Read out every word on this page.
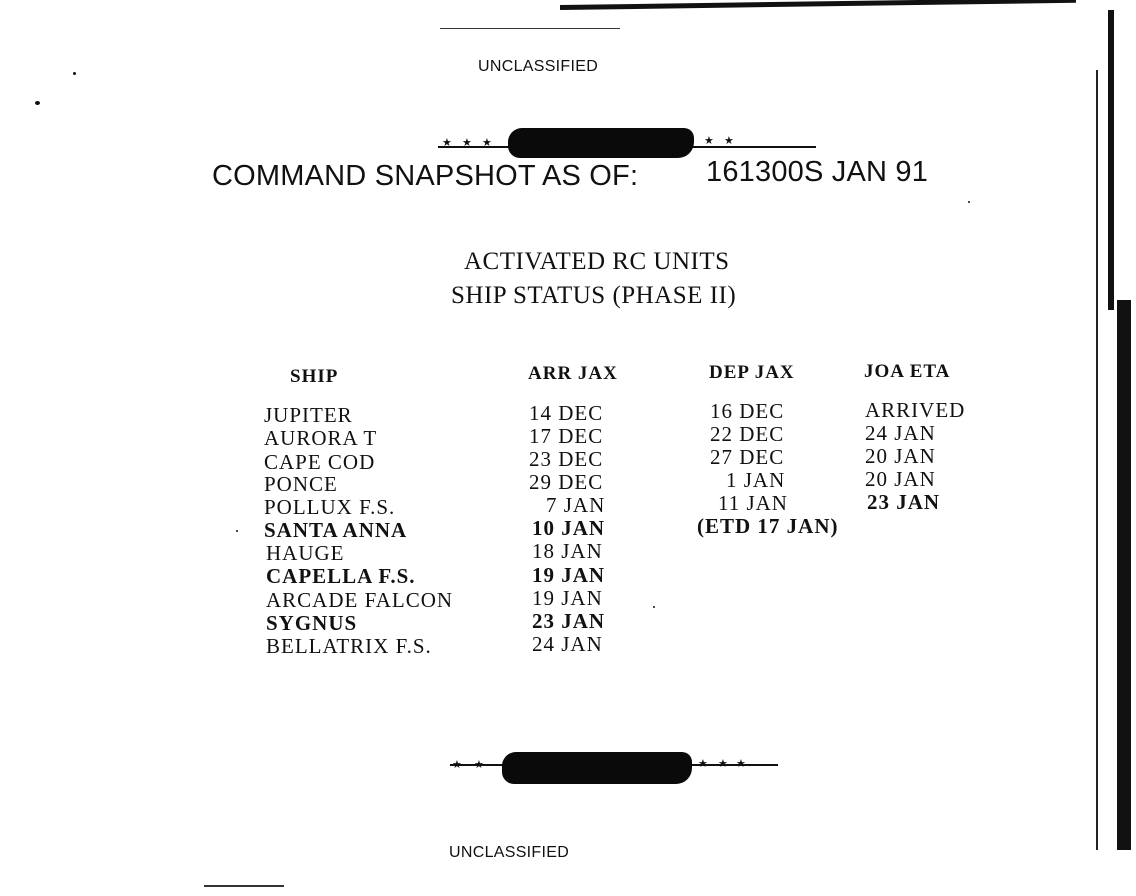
UNCLASSIFIED
★ ★ ★	★ ★
COMMAND SNAPSHOT AS OF: 161300S JAN 91
ACTIVATED RC UNITS
SHIP STATUS (PHASE II)
SHIP	ARR JAX	DEP JAX	JOA ETA
JUPITER	14 DEC	16 DEC	ARRIVED
AURORA T	17 DEC	22 DEC	24 JAN
CAPE COD	23 DEC	27 DEC	20 JAN
PONCE	29 DEC	1 JAN	20 JAN
POLLUX F.S.	7 JAN	11 JAN	23 JAN
SANTA ANNA	10 JAN	(ETD 17 JAN)
HAUGE	18 JAN
CAPELLA F.S.	19 JAN
ARCADE FALCON	19 JAN
SYGNUS	23 JAN
BELLATRIX F.S.	24 JAN
★ ★	★ ★ ★
UNCLASSIFIED
